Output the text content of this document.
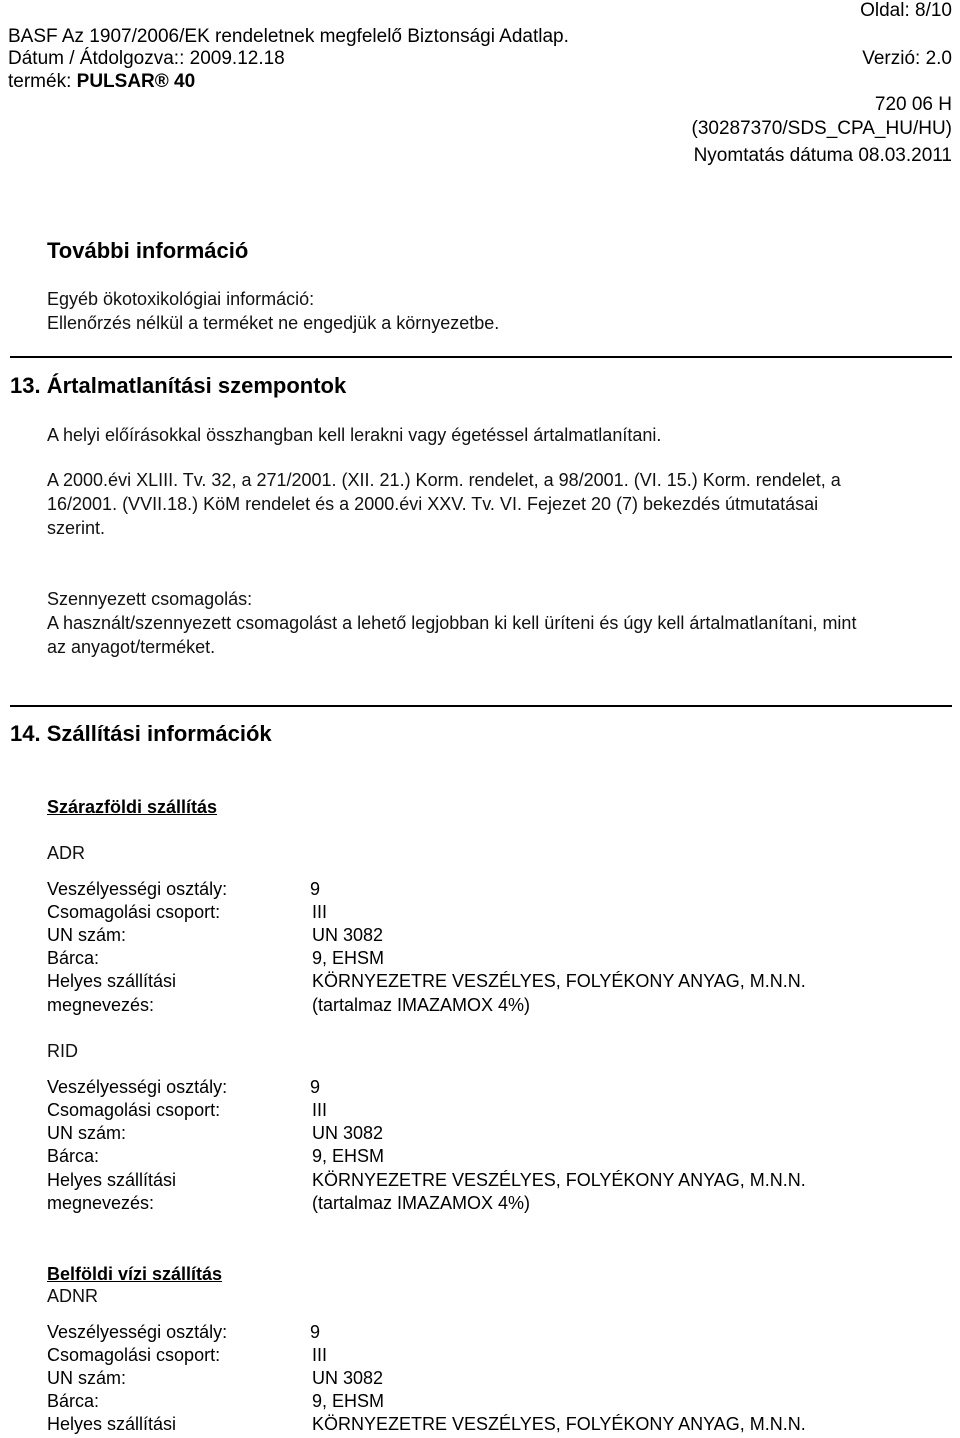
Oldal: 8/10
BASF Az 1907/2006/EK rendeletnek megfelelő Biztonsági Adatlap.
Dátum / Átdolgozva:: 2009.12.18	Verzió: 2.0
termék: PULSAR® 40
720 06 H
(30287370/SDS_CPA_HU/HU)
Nyomtatás dátuma 08.03.2011
További információ
Egyéb ökotoxikológiai információ:
Ellenőrzés nélkül a terméket ne engedjük a környezetbe.
13. Ártalmatlanítási szempontok
A helyi előírásokkal összhangban kell lerakni vagy égetéssel ártalmatlanítani.
A 2000.évi XLIII. Tv. 32, a 271/2001. (XII. 21.) Korm. rendelet, a 98/2001. (VI. 15.) Korm. rendelet, a
16/2001. (VVII.18.) KöM rendelet és a 2000.évi XXV. Tv. VI. Fejezet 20 (7) bekezdés útmutatásai
szerint.
Szennyezett csomagolás:
A használt/szennyezett csomagolást a lehető legjobban ki kell üríteni és úgy kell ártalmatlanítani, mint
az anyagot/terméket.
14. Szállítási információk
Szárazföldi szállítás
ADR
Veszélyességi osztály:	9
Csomagolási csoport:	III
UN szám:	UN 3082
Bárca:	9, EHSM
Helyes szállítási	KÖRNYEZETRE VESZÉLYES, FOLYÉKONY ANYAG, M.N.N.
megnevezés:	(tartalmaz IMAZAMOX 4%)
RID
Veszélyességi osztály:	9
Csomagolási csoport:	III
UN szám:	UN 3082
Bárca:	9, EHSM
Helyes szállítási	KÖRNYEZETRE VESZÉLYES, FOLYÉKONY ANYAG, M.N.N.
megnevezés:	(tartalmaz IMAZAMOX 4%)
Belföldi vízi szállítás
ADNR
Veszélyességi osztály:	9
Csomagolási csoport:	III
UN szám:	UN 3082
Bárca:	9, EHSM
Helyes szállítási	KÖRNYEZETRE VESZÉLYES, FOLYÉKONY ANYAG, M.N.N.
